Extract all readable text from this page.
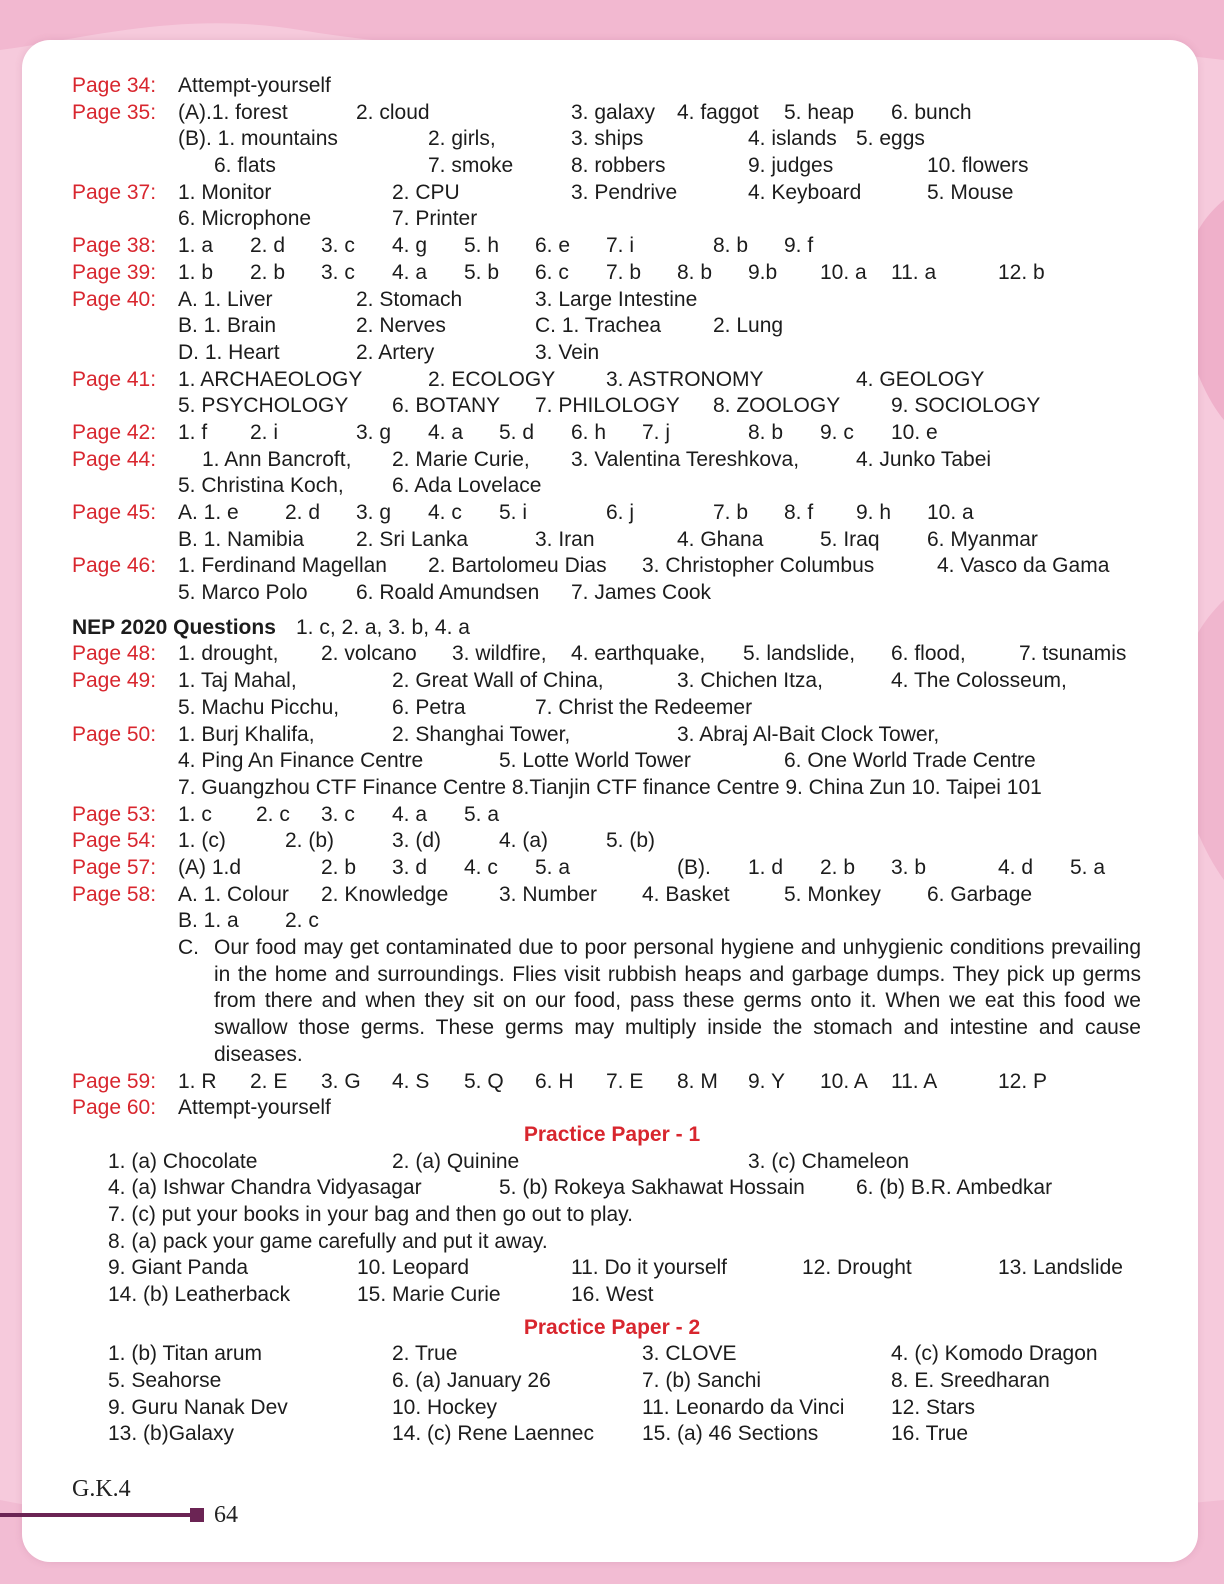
Page 34: Attempt-yourself
Page 35: (A).1. forest	2. cloud	3. galaxy 4. faggot 5. heap 6. bunch
(B). 1. mountains	2. girls,	3. ships	4. islands 5. eggs
6. flats	7. smoke	8. robbers	9. judges	10. flowers
Page 37: 1. Monitor	2. CPU	3. Pendrive	4. Keyboard	5. Mouse
6. Microphone	7. Printer
Page 38: 1. a 2. d 3. c 4. g 5. h 6. e 7. i	8. b 9. f
Page 39: 1. b 2. b 3. c 4. a 5. b 6. c 7. b 8. b 9.b 10. a 11. a	12. b
Page 40: A. 1. Liver	2. Stomach	3. Large Intestine
B. 1. Brain	2. Nerves	C. 1. Trachea 2. Lung
D. 1. Heart	2. Artery	3. Vein
Page 41: 1. ARCHAEOLOGY	2. ECOLOGY 3. ASTRONOMY	4. GEOLOGY
5. PSYCHOLOGY 6. BOTANY 7. PHILOLOGY 8. ZOOLOGY 9. SOCIOLOGY
Page 42: 1. f 2. i	3. g 4. a 5. d 6. h 7. j	8. b 9. c 10. e
Page 44: 1. Ann Bancroft, 2. Marie Curie, 3. Valentina Tereshkova,	4. Junko Tabei
5. Christina Koch, 6. Ada Lovelace
Page 45: A. 1. e 2. d 3. g 4. c 5. i	6. j	7. b 8. f 9. h 10. a
B. 1. Namibia 2. Sri Lanka	3. Iran	4. Ghana	5. Iraq 6. Myanmar
Page 46: 1. Ferdinand Magellan 2. Bartolomeu Dias 3. Christopher Columbus	4. Vasco da Gama
5. Marco Polo 6. Roald Amundsen 7. James Cook
NEP 2020 Questions 1. c, 2. a, 3. b, 4. a
Page 48: 1. drought, 2. volcano 3. wildfire, 4. earthquake, 5. landslide, 6. flood,	7. tsunamis
Page 49: 1. Taj Mahal,	2. Great Wall of China,	3. Chichen Itza,	4. The Colosseum,
5. Machu Picchu,	6. Petra	7. Christ the Redeemer
Page 50: 1. Burj Khalifa,	2. Shanghai Tower,	3. Abraj Al-Bait Clock Tower,
4. Ping An Finance Centre	5. Lotte World Tower	6. One World Trade Centre
7. Guangzhou CTF Finance Centre 8.Tianjin CTF finance Centre 9. China Zun 10. Taipei 101
Page 53: 1. c 2. c 3. c 4. a 5. a
Page 54: 1. (c)	2. (b)	3. (d)	4. (a)	5. (b)
Page 57: (A) 1.d	2. b 3. d 4. c 5. a	(B). 1. d 2. b 3. b	4. d 5. a
Page 58: A. 1. Colour 2. Knowledge 3. Number 4. Basket	5. Monkey 6. Garbage
B. 1. a 2. c
C. Our food may get contaminated due to poor personal hygiene and unhygienic conditions prevailing in the home and surroundings. Flies visit rubbish heaps and garbage dumps. They pick up germs from there and when they sit on our food, pass these germs onto it. When we eat this food we swallow those germs. These germs may multiply inside the stomach and intestine and cause diseases.
Page 59: 1. R 2. E 3. G 4. S 5. Q 6. H 7. E 8. M 9. Y 10. A 11. A	12. P
Page 60: Attempt-yourself
Practice Paper - 1
1. (a) Chocolate	2. (a) Quinine	3. (c) Chameleon
4. (a) Ishwar Chandra Vidyasagar	5. (b) Rokeya Sakhawat Hossain 6. (b) B.R. Ambedkar
7. (c) put your books in your bag and then go out to play.
8. (a) pack your game carefully and put it away.
9. Giant Panda	10. Leopard	11. Do it yourself	12. Drought	13. Landslide
14. (b) Leatherback	15. Marie Curie	16. West
Practice Paper - 2
1. (b) Titan arum	2. True	3. CLOVE	4. (c) Komodo Dragon
5. Seahorse	6. (a) January 26	7. (b) Sanchi	8. E. Sreedharan
9. Guru Nanak Dev	10. Hockey	11. Leonardo da Vinci 12. Stars
13. (b)Galaxy	14. (c) Rene Laennec 15. (a) 46 Sections	16. True
G.K.4
64
